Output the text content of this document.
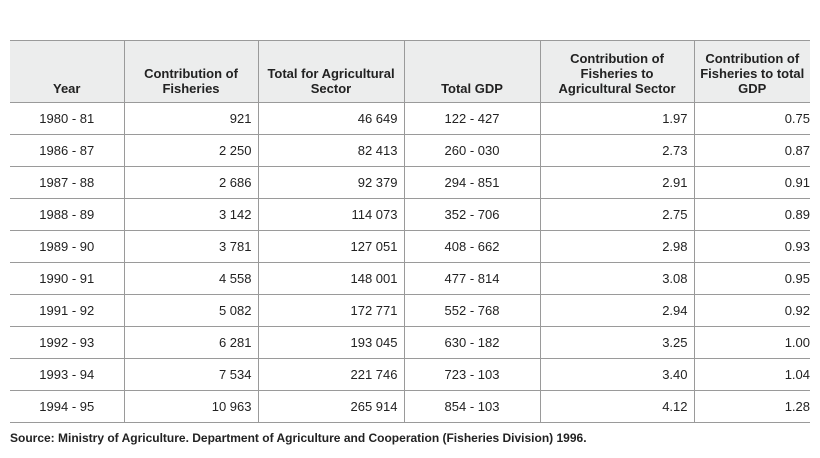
Year	Contribution of Fisheries	Total for Agricultural Sector	Total GDP	Contribution of Fisheries to Agricultural Sector	Contribution of Fisheries to total GDP
1980 - 81	921	46 649	122 - 427	1.97	0.75
1986 - 87	2 250	82 413	260 - 030	2.73	0.87
1987 - 88	2 686	92 379	294 - 851	2.91	0.91
1988 - 89	3 142	114 073	352 - 706	2.75	0.89
1989 - 90	3 781	127 051	408 - 662	2.98	0.93
1990 - 91	4 558	148 001	477 - 814	3.08	0.95
1991 - 92	5 082	172 771	552 - 768	2.94	0.92
1992 - 93	6 281	193 045	630 - 182	3.25	1.00
1993 - 94	7 534	221 746	723 - 103	3.40	1.04
1994 - 95	10 963	265 914	854 - 103	4.12	1.28
Source: Ministry of Agriculture. Department of Agriculture and Cooperation (Fisheries Division) 1996.
